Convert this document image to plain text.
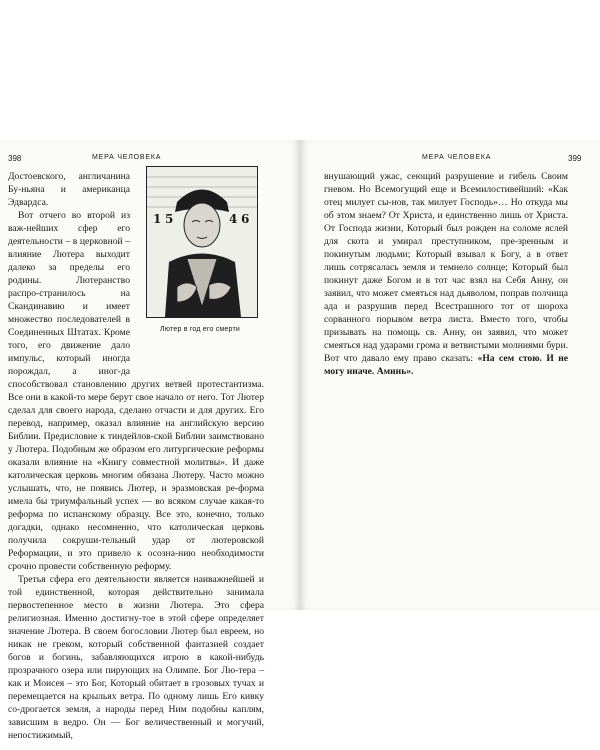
398	МЕРА ЧЕЛОВЕКА
1 5	4 6
Лютер в год его смерти

Достоевского, англичанина Бу-ньяна и американца Эдвардса.

Вот отчего во второй из важ-нейших сфер его деятельности – в церковной – влияние Лютера выходит далеко за пределы его родины. Лютеранство распро-странилось на Скандинавию и имеет множество последователей в Соединенных Штатах. Кроме того, его движение дало импульс, который иногда порождал, а иног-да способствовал становлению других ветвей протестантизма. Все они в какой-то мере берут свое начало от него. Тот Лютер сделал для своего народа, сделано отчасти и для других. Его перевод, например, оказал влияние на английскую версию Библии. Предисловие к тиндейлов-ской Библии заимствовано у Лютера. Подобным же образом его литургические реформы оказали влияние на «Книгу совместной молитвы». И даже католическая церковь многим обязана Лютеру. Часто можно услышать, что, не появись Лютер, и эразмовская ре-форма имела бы триумфальный успех — во всяком случае какая-то реформа по испанскому образцу. Все это, конечно, только догадки, однако несомненно, что католическая церковь получила сокруши-тельный удар от лютеровской Реформации, и это привело к осозна-нию необходимости срочно провести собственную реформу.

Третья сфера его деятельности является наиважнейшей и той единственной, которая действительно занимала первостепенное место в жизни Лютера. Это сфера религиозная. Именно достигну-тое в этой сфере определяет значение Лютера. В своем богословии Лютер был евреем, но никак не греком, который собственной фантазией создает богов и богинь, забавляющихся игрою в какой-нибудь прозрачного озера или пирующих на Олимпе. Бог Лю-тера – как и Моисея – это Бог, Который обитает в грозовых тучах и перемещается на крыльях ветра. По одному лишь Его кивку со-дрогается земля, а народы перед Ним подобны каплям, зависшим в ведро. Он — Бог величественный и могучий, непостижимый,

МЕРА ЧЕЛОВЕКА	399

внушающий ужас, сеющий разрушение и гибель Своим гневом. Но Всемогущий еще и Всемилостивейший: «Как отец милует сы-нов, так милует Господь»… Но откуда мы об этом знаем? От Христа, и единственно лишь от Христа. От Господа жизни, Который был рожден на соломе яслей для скота и умирал преступником, пре-зренным и покинутым людьми; Который взывал к Богу, а в ответ лишь сотрясалась земля и темнело солнце; Который был покинут даже Богом и в тот час взял на Себя Анну, он заявил, что может смеяться над дьяволом, поправ полчища ада и разрушив перед Всеcтрашного тот от шороха сорванного порывом ветра листа. Вместо того, чтобы призывать на помощь св. Анну, он заявил, что может смеяться над ударами грома и ветвистыми молниями бури. Вот что давало ему право сказать: «На сем стою. И не могу иначе. Аминь».
